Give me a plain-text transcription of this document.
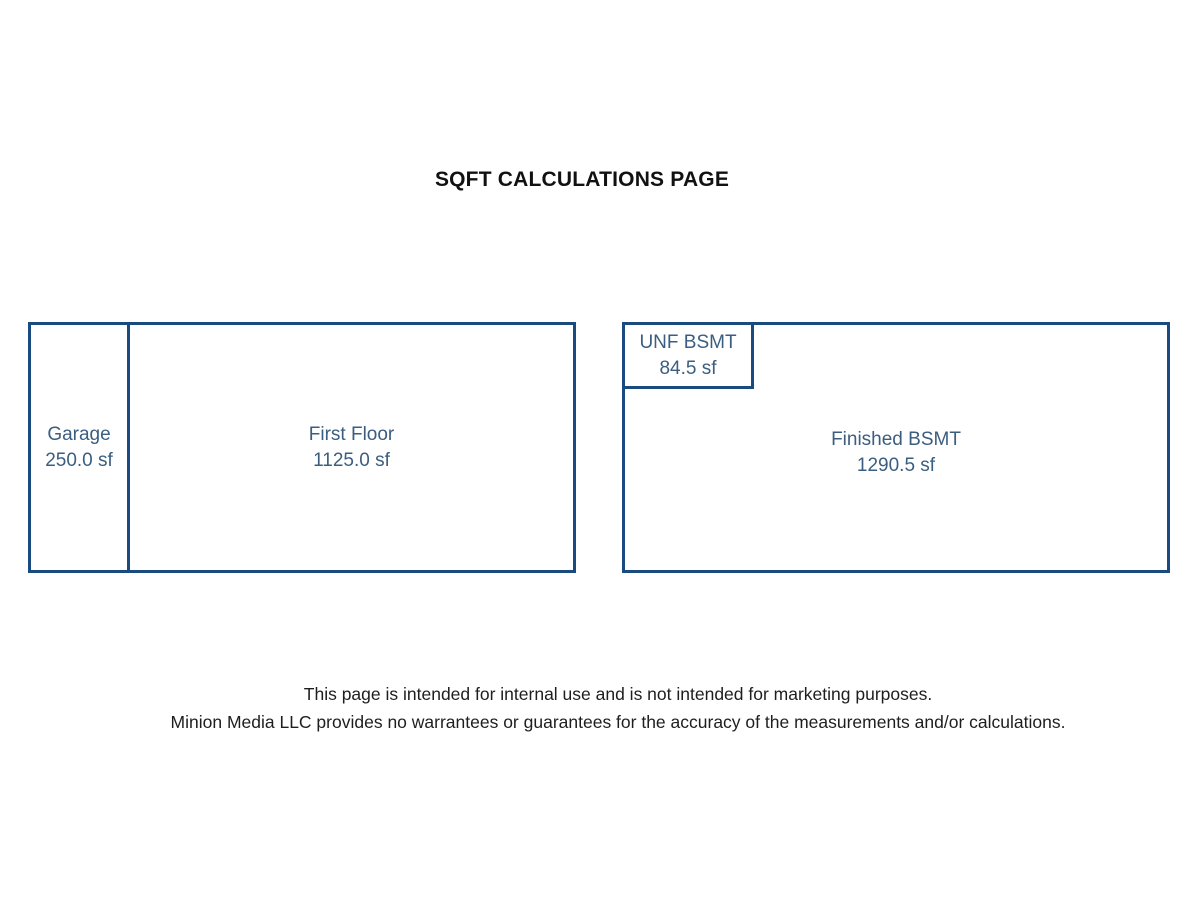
SQFT CALCULATIONS PAGE
First Floor
1125.0 sf
Garage
250.0 sf
Finished BSMT
1290.5 sf
UNF BSMT
84.5 sf
This page is intended for internal use and is not intended for marketing purposes.
Minion Media LLC provides no warrantees or guarantees for the accuracy of the measurements and/or calculations.
